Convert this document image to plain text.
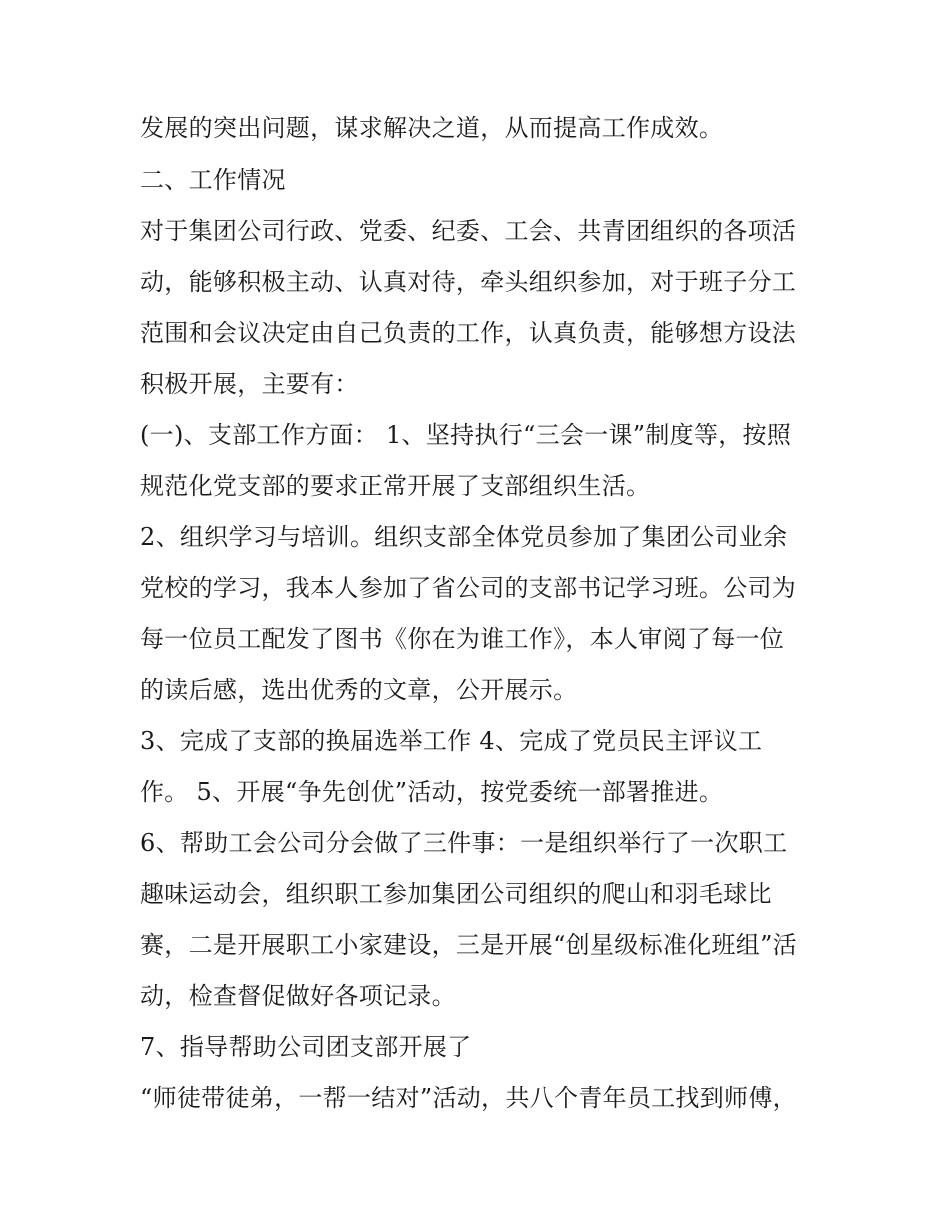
发展的突出问题，谋求解决之道，从而提高工作成效。
二、工作情况
对于集团公司行政、党委、纪委、工会、共青团组织的各项活
动，能够积极主动、认真对待，牵头组织参加，对于班子分工
范围和会议决定由自己负责的工作，认真负责，能够想方设法
积极开展，主要有：
(一)、支部工作方面： 1、坚持执行“三会一课”制度等，按照
规范化党支部的要求正常开展了支部组织生活。
2、组织学习与培训。组织支部全体党员参加了集团公司业余
党校的学习，我本人参加了省公司的支部书记学习班。公司为
每一位员工配发了图书《你在为谁工作》，本人审阅了每一位
的读后感，选出优秀的文章，公开展示。
3、完成了支部的换届选举工作 4、完成了党员民主评议工
作。 5、开展“争先创优”活动，按党委统一部署推进。
6、帮助工会公司分会做了三件事：一是组织举行了一次职工
趣味运动会，组织职工参加集团公司组织的爬山和羽毛球比
赛，二是开展职工小家建设，三是开展“创星级标准化班组”活
动，检查督促做好各项记录。
7、指导帮助公司团支部开展了
“师徒带徒弟，一帮一结对”活动，共八个青年员工找到师傅，
